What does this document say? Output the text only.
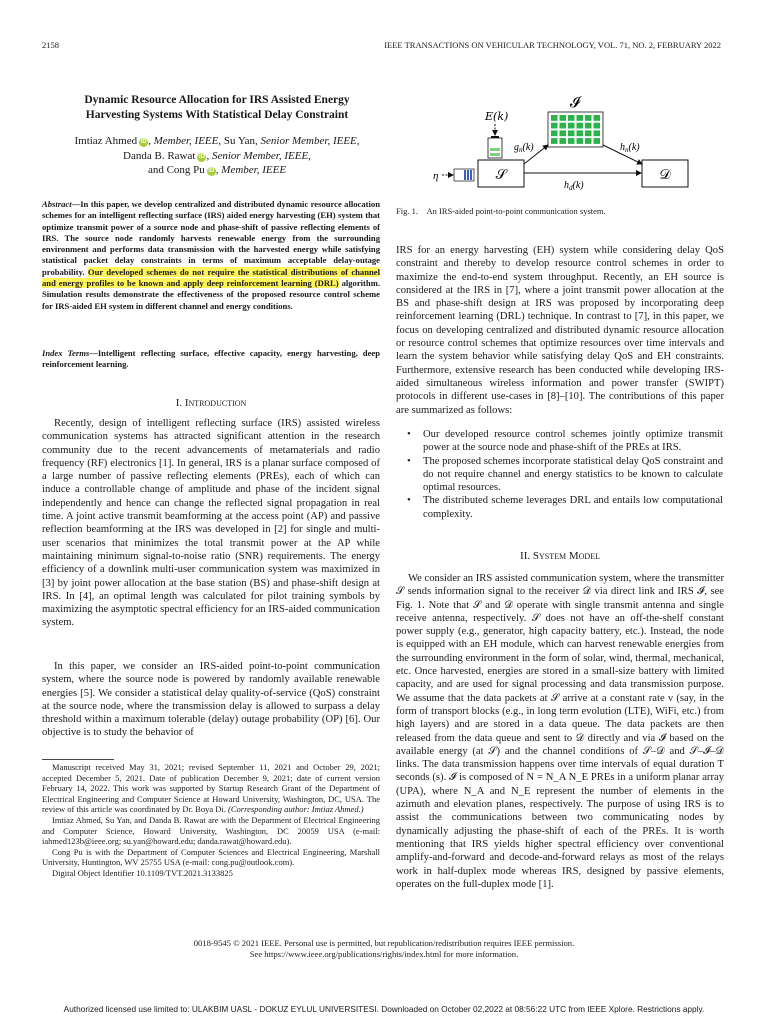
2158	IEEE TRANSACTIONS ON VEHICULAR TECHNOLOGY, VOL. 71, NO. 2, FEBRUARY 2022
Dynamic Resource Allocation for IRS Assisted Energy
Harvesting Systems With Statistical Delay Constraint
Imtiaz Ahmed iD , Member, IEEE, Su Yan, Senior Member, IEEE,
Danda B. Rawat iD , Senior Member, IEEE,
and Cong Pu iD , Member, IEEE

Abstract—In this paper, we develop centralized and distributed dynamic resource allocation schemes for an intelligent reflecting surface (IRS) aided energy harvesting (EH) system that optimize transmit power of a source node and phase-shift of passive reflecting elements of IRS. The source node randomly harvests renewable energy from the surrounding environment and performs data transmission with the harvested energy while satisfying statistical packet delay constraints in terms of maximum acceptable delay-outage probability. Our developed schemes do not require the statistical distributions of channel and energy profiles to be known and apply deep reinforcement learning (DRL) algorithm. Simulation results demonstrate the effectiveness of the proposed resource control scheme for IRS-aided EH system in different channel and energy conditions.

Index Terms—Intelligent reflecting surface, effective capacity, energy harvesting, deep reinforcement learning.

I. Introduction

Recently, design of intelligent reflecting surface (IRS) assisted wireless communication systems has attracted significant attention in the research community due to the recent advancements of metamaterials and radio frequency (RF) electronics [1]. In general, IRS is a planar surface composed of a large number of passive reflecting elements (PREs), each of which can induce a controllable change of amplitude and phase of the incident signal independently and hence can change the reflected signal propagation in real time. A joint active transmit beamforming at the access point (AP) and passive reflection beamforming at the IRS was developed in [2] for single and multi-user scenarios that minimizes the total transmit power at the AP while maintaining minimum signal-to-noise ratio (SNR) requirements. The energy efficiency of a downlink multi-user communication system was maximized in [3] by joint power allocation at the base station (BS) and phase-shift design at IRS. In [4], an optimal length was calculated for pilot training symbols by maximizing the asymptotic spectral efficiency for an IRS-aided communication system.

In this paper, we consider an IRS-aided point-to-point communication system, where the source node is powered by randomly available renewable energies [5]. We consider a statistical delay quality-of-service (QoS) constraint at the source node, where the transmission delay is allowed to surpass a delay threshold within a maximum tolerable (delay) outage probability (OP) [6]. Our objective is to study the behavior of

Manuscript received May 31, 2021; revised September 11, 2021 and October 29, 2021; accepted December 5, 2021. Date of publication December 9, 2021; date of current version February 14, 2022. This work was supported by Startup Research Grant of the Department of Electrical Engineering and Computer Science at Howard University, Washington, DC, USA. The review of this article was coordinated by Dr. Boya Di. (Corresponding author: Imtiaz Ahmed.)

Imtiaz Ahmed, Su Yan, and Danda B. Rawat are with the Department of Electrical Engineering and Computer Science, Howard University, Washington, DC 20059 USA (e-mail: iahmed123b@ieee.org; su.yan@howard.edu; danda.rawat@howard.edu).

Cong Pu is with the Department of Computer Sciences and Electrical Engineering, Marshall University, Huntington, WV 25755 USA (e-mail: cong.pu@outlook.com).

Digital Object Identifier 10.1109/TVT.2021.3133825

E(k)
𝓘
𝒮	𝒟
η
$g_n(k)$	$h_n(k)$
$h_d(k)$
Fig. 1. An IRS-aided point-to-point communication system.

IRS for an energy harvesting (EH) system while considering delay QoS constraint and thereby to develop resource control schemes in order to maximize the end-to-end system throughput. Recently, an EH source is considered at the IRS in [7], where a joint transmit power allocation at the BS and phase-shift design at IRS was proposed by incorporating deep reinforcement learning (DRL) technique. In contrast to [7], in this paper, we focus on developing centralized and distributed dynamic resource allocation or resource control schemes that optimize resources over time intervals and learn the system behavior while satisfying delay QoS and EH constraints. Furthermore, extensive research has been conducted while developing IRS-aided simultaneous wireless information and power transfer (SWIPT) protocols in different use-cases in [8]–[10]. The contributions of this paper are summarized as follows:

• Our developed resource control schemes jointly optimize transmit power at the source node and phase-shift of the PREs at IRS.
• The proposed schemes incorporate statistical delay QoS constraint and do not require channel and energy statistics to be known to calculate optimal resources.
• The distributed scheme leverages DRL and entails low computational complexity.
II. System Model

We consider an IRS assisted communication system, where the transmitter 𝒮 sends information signal to the receiver 𝒟 via direct link and IRS 𝓘, see Fig. 1. Note that 𝒮 and 𝒟 operate with single transmit antenna and single receive antenna, respectively. 𝒮 does not have an off-the-shelf constant power supply (e.g., generator, high capacity battery, etc.). Instead, the node is equipped with an EH module, which can harvest renewable energies from the surrounding environment in the form of solar, wind, thermal, mechanical, etc. Once harvested, energies are stored in a small-size battery with limited capacity, and are used for signal processing and data transmission purpose. We assume that the data packets at 𝒮 arrive at a constant rate ν (say, in the form of transport blocks (e.g., in long term evolution (LTE), WiFi, etc.) from high layers) and are stored in a data queue. The data packets are then released from the data queue and sent to 𝒟 directly and via 𝓘 based on the available energy (at 𝒮) and the channel conditions of 𝒮–𝒟 and 𝒮–𝓘–𝒟 links. The data transmission happens over time intervals of equal duration T seconds (s). 𝓘 is composed of N = N_A N_E PREs in a uniform planar array (UPA), where N_A and N_E represent the number of elements in the azimuth and elevation planes, respectively. The purpose of using IRS is to assist the communications between two communicating nodes by dynamically adjusting the phase-shift of each of the PREs. It is worth mentioning that IRS yields higher spectral efficiency over conventional amplify-and-forward and decode-and-forward relays as most of the relays work in half-duplex mode whereas IRS, designed by passive elements, operates on the full-duplex mode [1].

0018-9545 © 2021 IEEE. Personal use is permitted, but republication/redistribution requires IEEE permission.
See https://www.ieee.org/publications/rights/index.html for more information.
Authorized licensed use limited to: ULAKBIM UASL - DOKUZ EYLUL UNIVERSITESI. Downloaded on October 02,2022 at 08:56:22 UTC from IEEE Xplore. Restrictions apply.
